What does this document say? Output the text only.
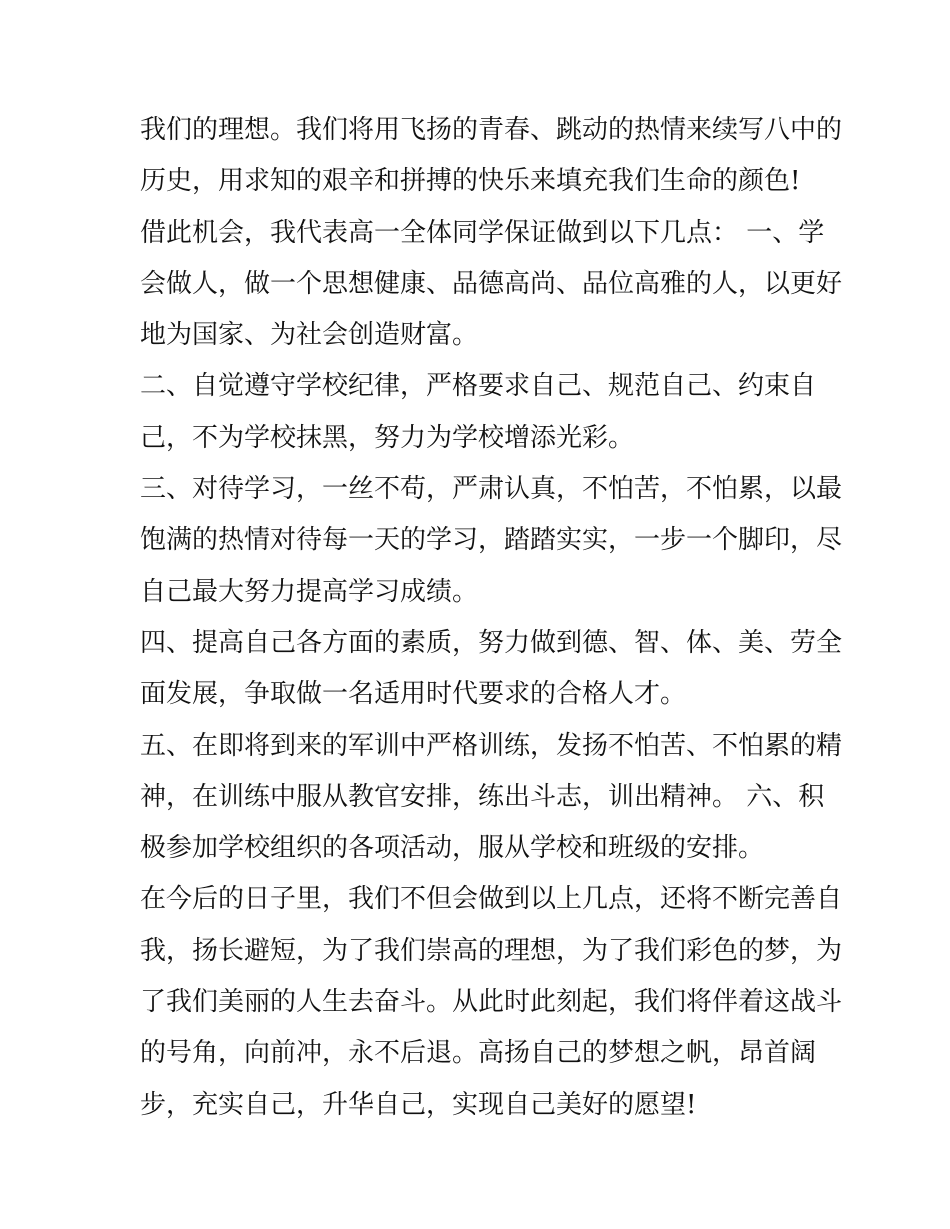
我们的理想。我们将用飞扬的青春、跳动的热情来续写八中的
历史，用求知的艰辛和拼搏的快乐来填充我们生命的颜色!
借此机会，我代表高一全体同学保证做到以下几点： 一、学
会做人，做一个思想健康、品德高尚、品位高雅的人，以更好
地为国家、为社会创造财富。
二、自觉遵守学校纪律，严格要求自己、规范自己、约束自
己，不为学校抹黑，努力为学校增添光彩。
三、对待学习，一丝不苟，严肃认真，不怕苦，不怕累，以最
饱满的热情对待每一天的学习，踏踏实实，一步一个脚印，尽
自己最大努力提高学习成绩。
四、提高自己各方面的素质，努力做到德、智、体、美、劳全
面发展，争取做一名适用时代要求的合格人才。
五、在即将到来的军训中严格训练，发扬不怕苦、不怕累的精
神，在训练中服从教官安排，练出斗志，训出精神。 六、积
极参加学校组织的各项活动，服从学校和班级的安排。
在今后的日子里，我们不但会做到以上几点，还将不断完善自
我，扬长避短，为了我们崇高的理想，为了我们彩色的梦，为
了我们美丽的人生去奋斗。从此时此刻起，我们将伴着这战斗
的号角，向前冲，永不后退。高扬自己的梦想之帆，昂首阔
步，充实自己，升华自己，实现自己美好的愿望!
